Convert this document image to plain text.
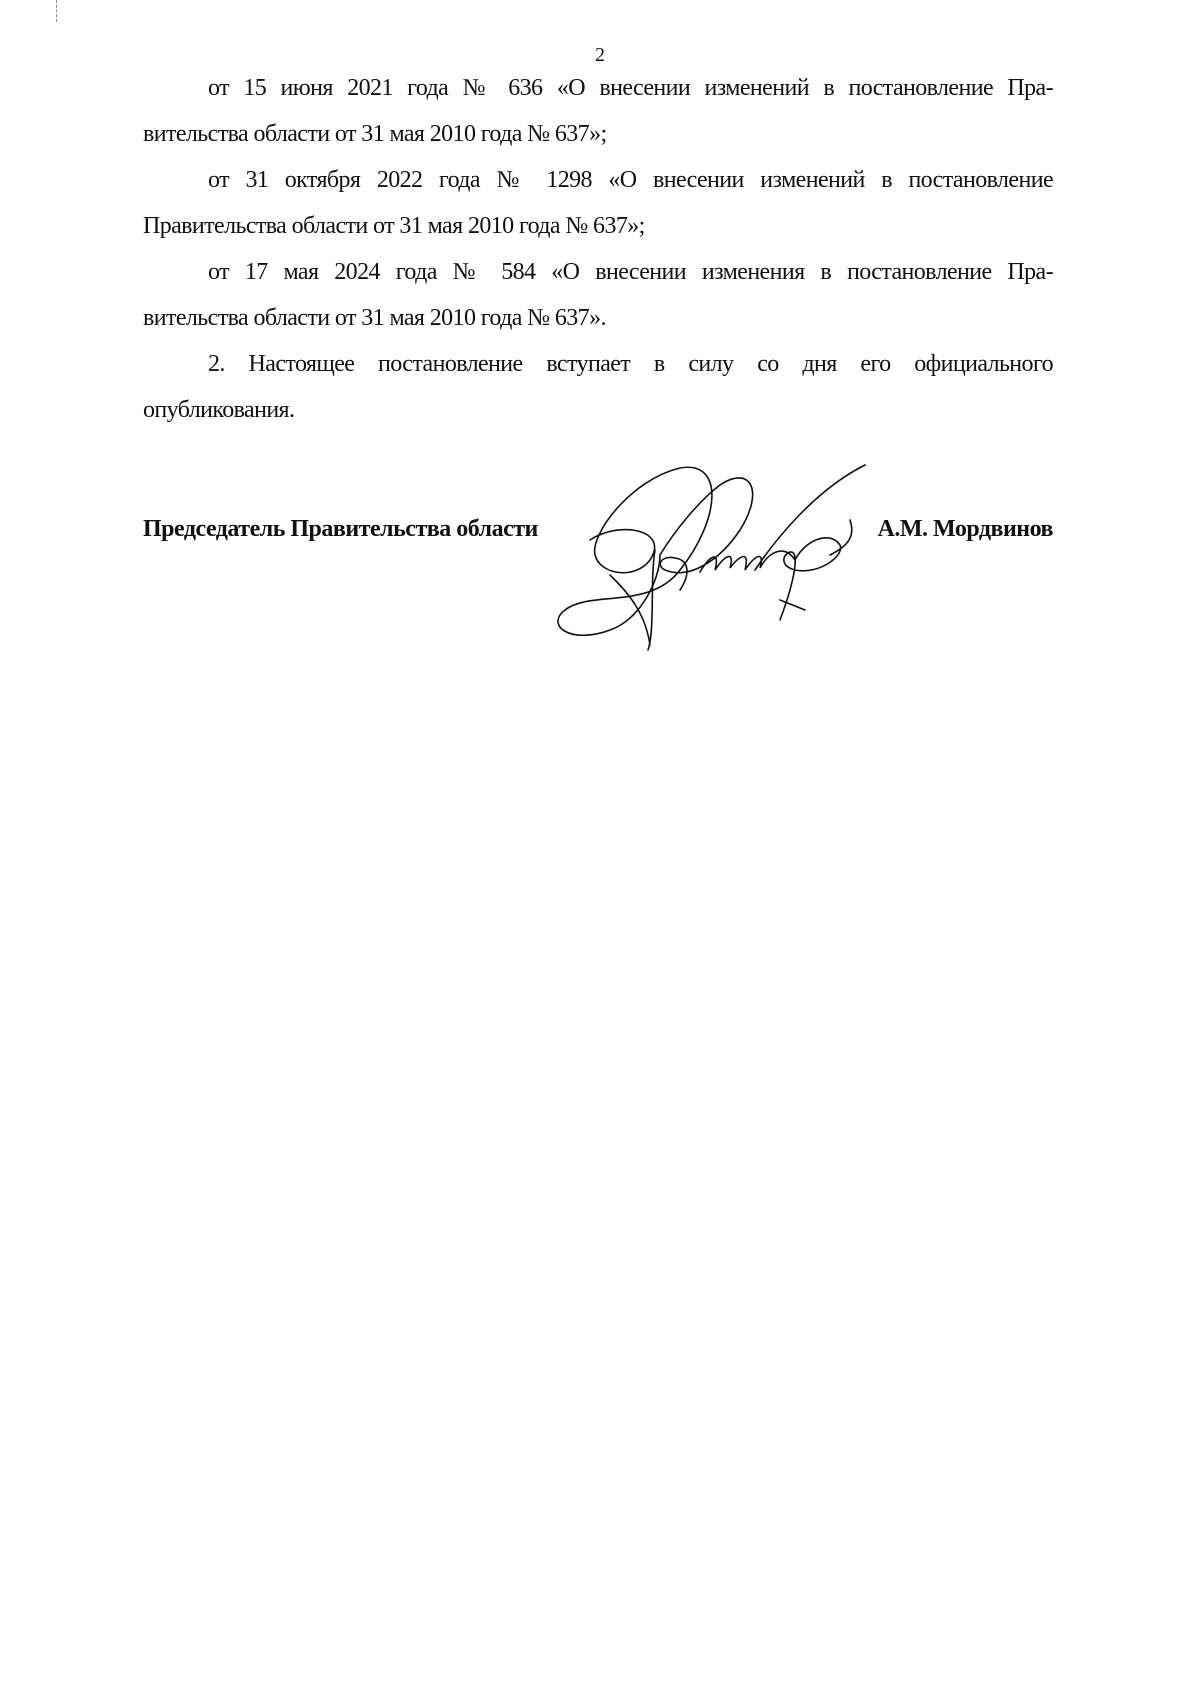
2
от 15 июня 2021 года № 636 «О внесении изменений в постановление Пра-
вительства области от 31 мая 2010 года № 637»;
от 31 октября 2022 года № 1298 «О внесении изменений в постановление
Правительства области от 31 мая 2010 года № 637»;
от 17 мая 2024 года № 584 «О внесении изменения в постановление Пра-
вительства области от 31 мая 2010 года № 637».
2. Настоящее постановление вступает в силу со дня его официального
опубликования.
Председатель Правительства области	А.М. Мордвинов
